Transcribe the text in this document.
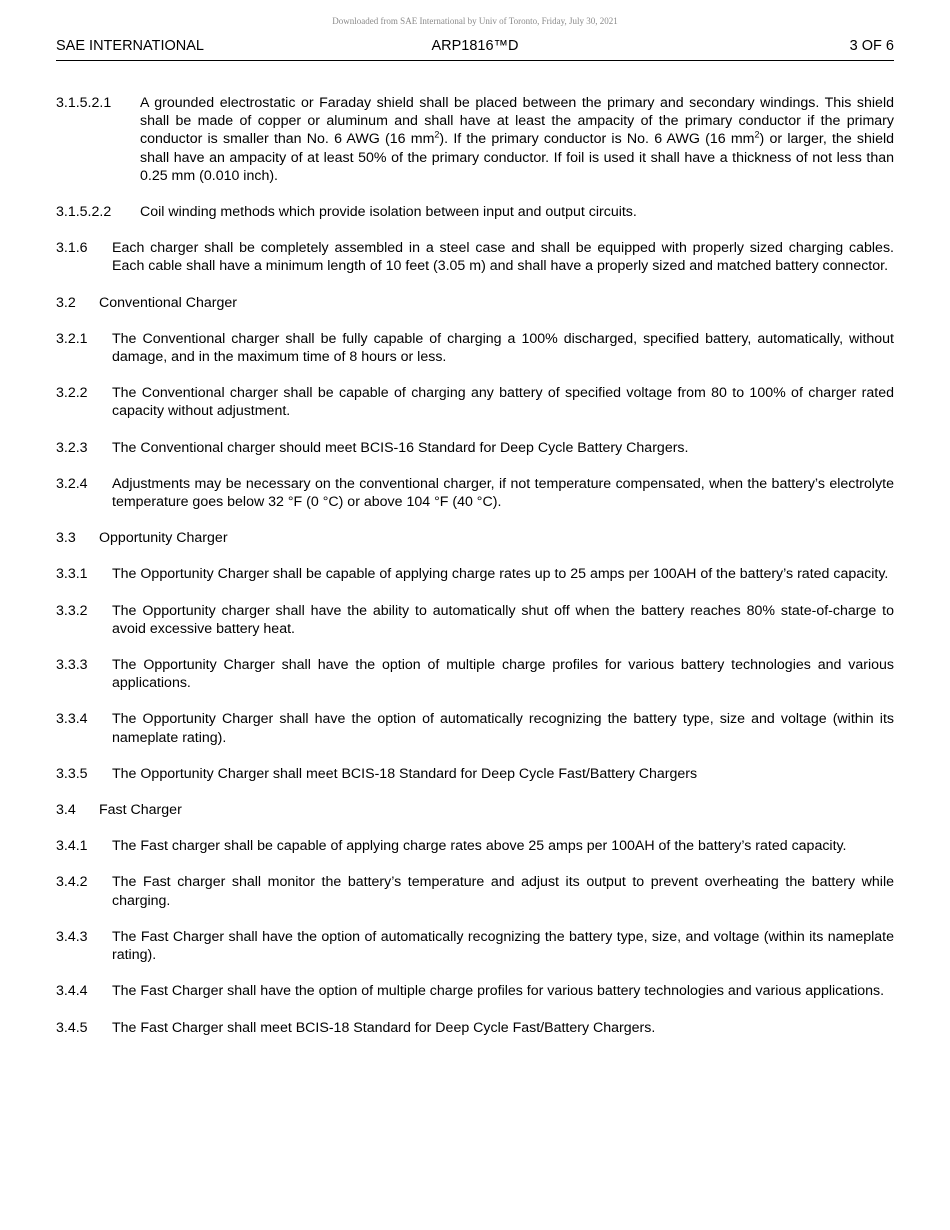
Downloaded from SAE International by Univ of Toronto, Friday, July 30, 2021
SAE INTERNATIONAL	ARP1816™D	3 OF 6
3.1.5.2.1 A grounded electrostatic or Faraday shield shall be placed between the primary and secondary windings. This shield shall be made of copper or aluminum and shall have at least the ampacity of the primary conductor if the primary conductor is smaller than No. 6 AWG (16 $mm^2$). If the primary conductor is No. 6 AWG (16 $mm^2$) or larger, the shield shall have an ampacity of at least 50% of the primary conductor. If foil is used it shall have a thickness of not less than 0.25 mm (0.010 inch).
3.1.5.2.2 Coil winding methods which provide isolation between input and output circuits.
3.1.6 Each charger shall be completely assembled in a steel case and shall be equipped with properly sized charging cables. Each cable shall have a minimum length of 10 feet (3.05 m) and shall have a properly sized and matched battery connector.
3.2 Conventional Charger
3.2.1 The Conventional charger shall be fully capable of charging a 100% discharged, specified battery, automatically, without damage, and in the maximum time of 8 hours or less.
3.2.2 The Conventional charger shall be capable of charging any battery of specified voltage from 80 to 100% of charger rated capacity without adjustment.
3.2.3 The Conventional charger should meet BCIS-16 Standard for Deep Cycle Battery Chargers.
3.2.4 Adjustments may be necessary on the conventional charger, if not temperature compensated, when the battery’s electrolyte temperature goes below 32 °F (0 °C) or above 104 °F (40 °C).
3.3 Opportunity Charger
3.3.1 The Opportunity Charger shall be capable of applying charge rates up to 25 amps per 100AH of the battery’s rated capacity.
3.3.2 The Opportunity charger shall have the ability to automatically shut off when the battery reaches 80% state-of-charge to avoid excessive battery heat.
3.3.3 The Opportunity Charger shall have the option of multiple charge profiles for various battery technologies and various applications.
3.3.4 The Opportunity Charger shall have the option of automatically recognizing the battery type, size and voltage (within its nameplate rating).
3.3.5 The Opportunity Charger shall meet BCIS-18 Standard for Deep Cycle Fast/Battery Chargers
3.4 Fast Charger
3.4.1 The Fast charger shall be capable of applying charge rates above 25 amps per 100AH of the battery’s rated capacity.
3.4.2 The Fast charger shall monitor the battery’s temperature and adjust its output to prevent overheating the battery while charging.
3.4.3 The Fast Charger shall have the option of automatically recognizing the battery type, size, and voltage (within its nameplate rating).
3.4.4 The Fast Charger shall have the option of multiple charge profiles for various battery technologies and various applications.
3.4.5 The Fast Charger shall meet BCIS-18 Standard for Deep Cycle Fast/Battery Chargers.
